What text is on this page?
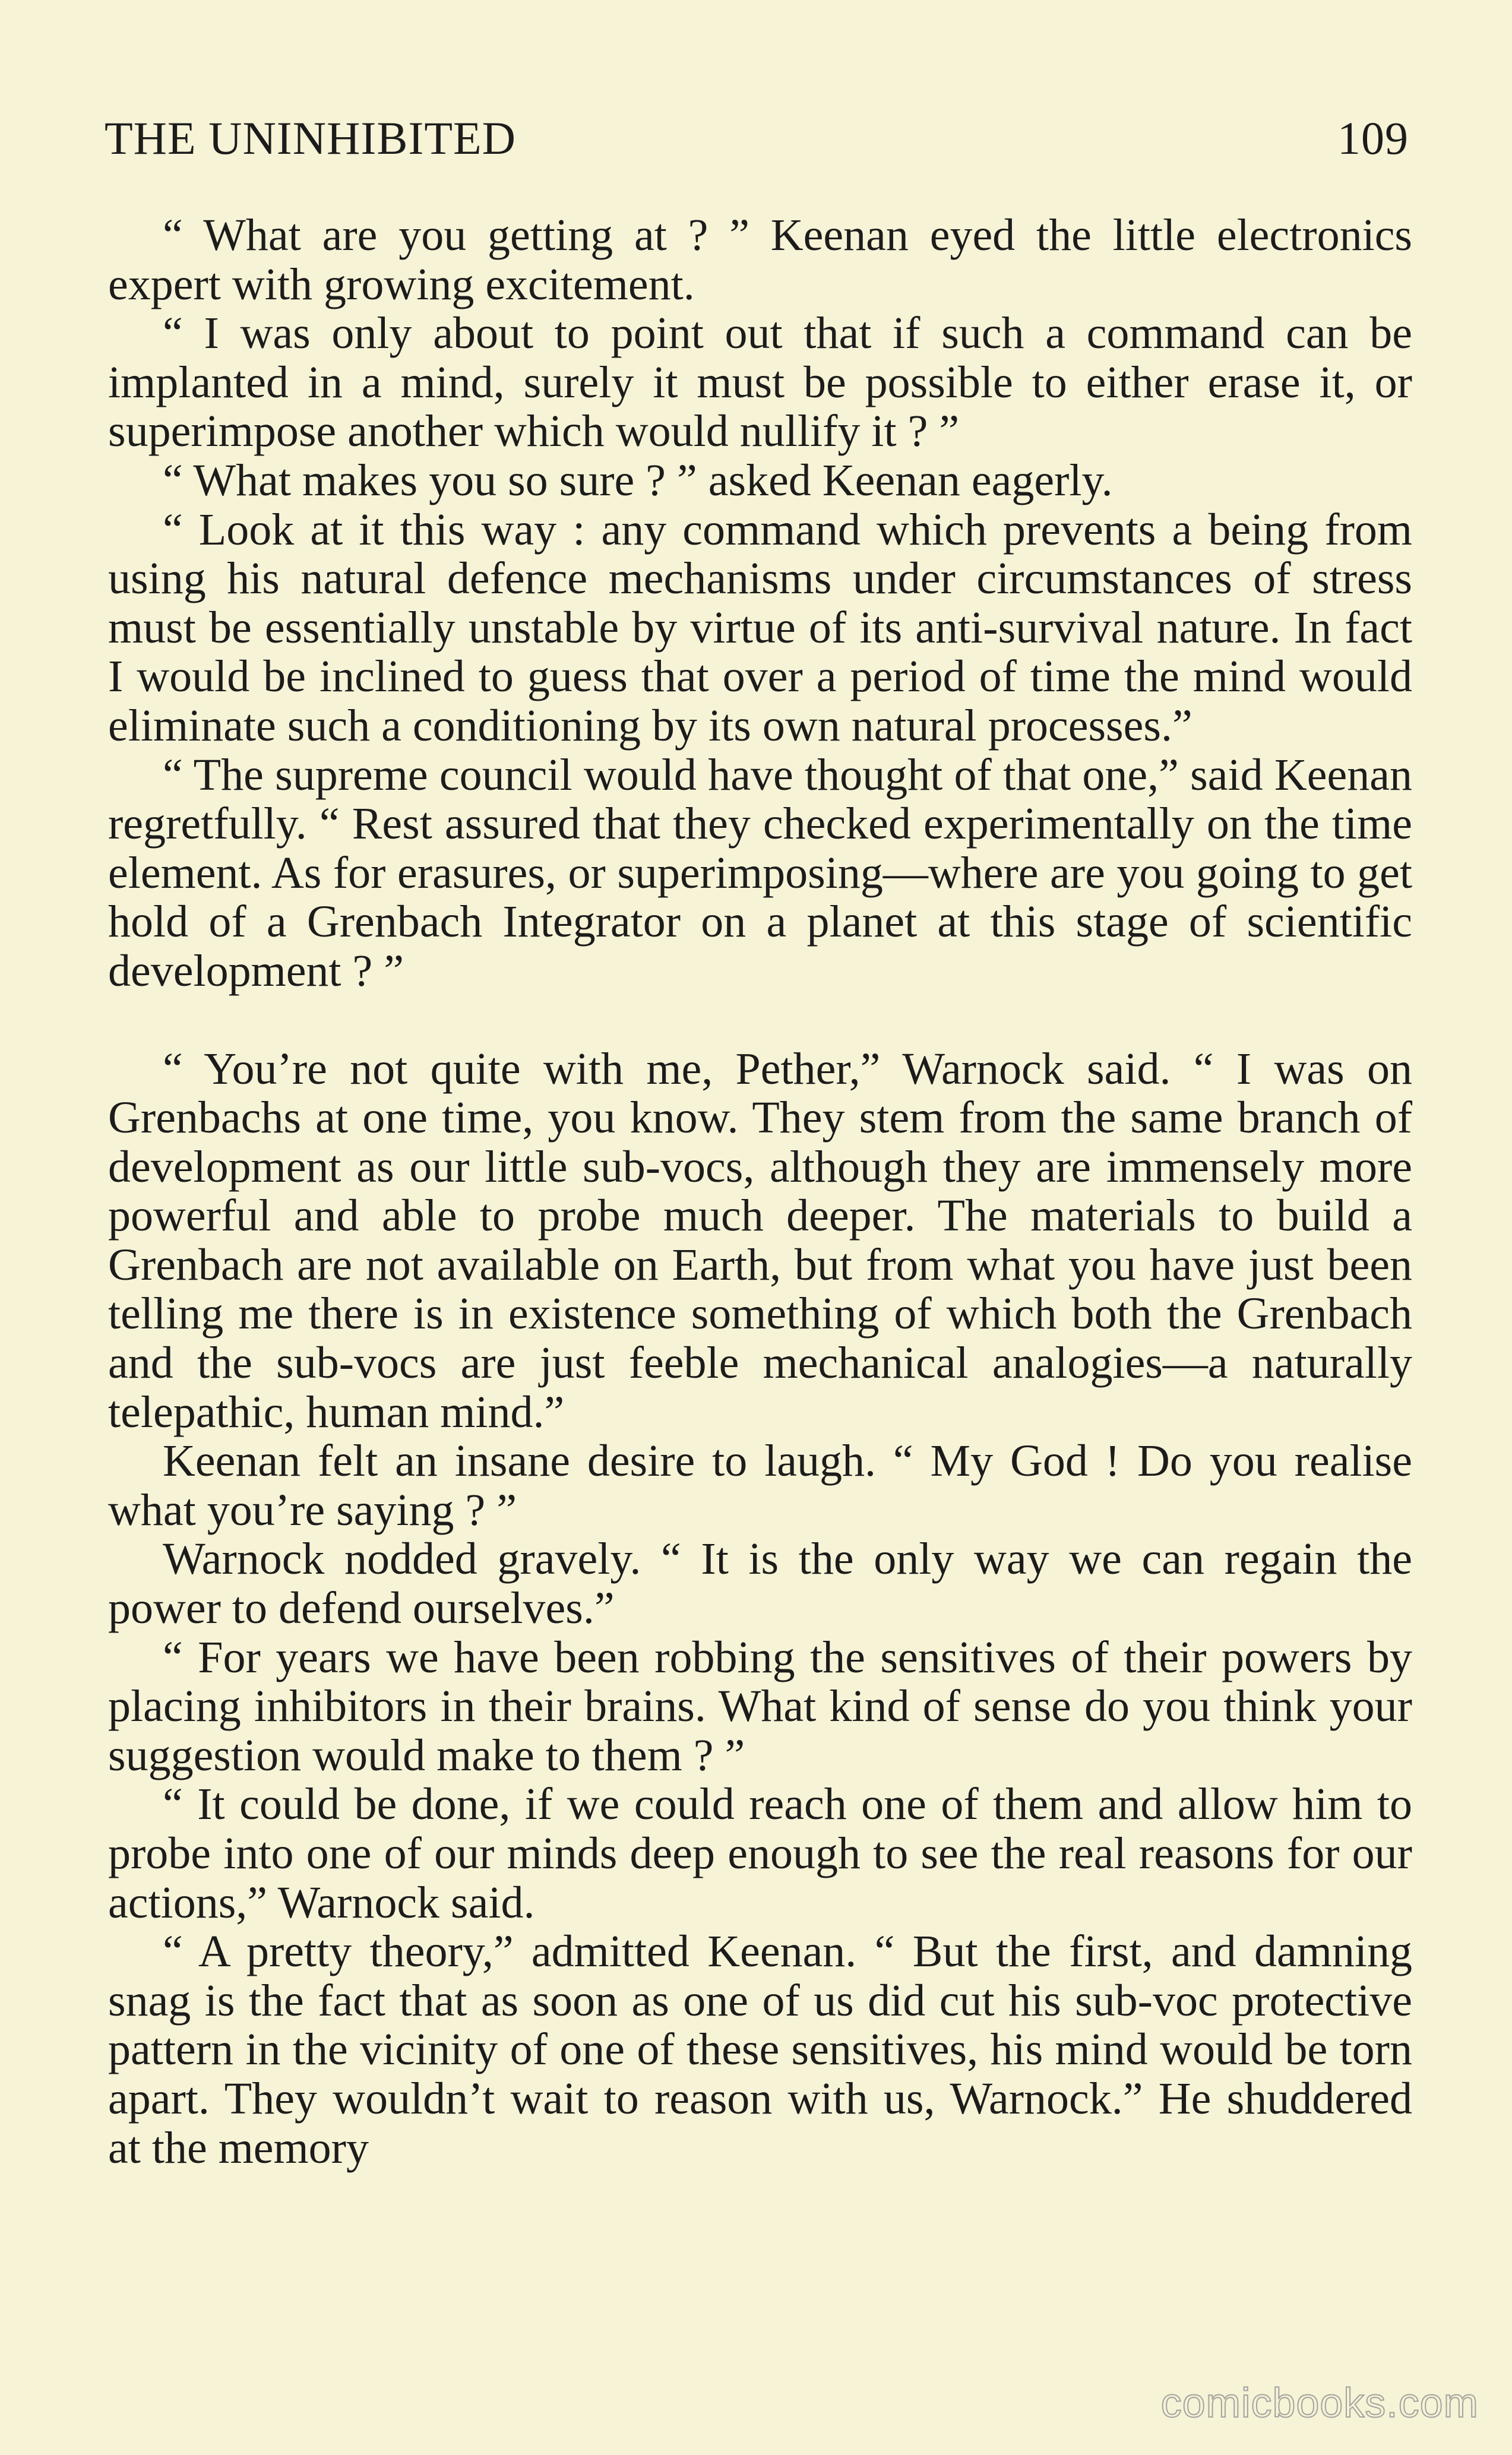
THE UNINHIBITED	109

“ What are you getting at ? ” Keenan eyed the little electronics expert with growing excitement.

“ I was only about to point out that if such a command can be implanted in a mind, surely it must be possible to either erase it, or superimpose another which would nullify it ? ”

“ What makes you so sure ? ” asked Keenan eagerly.

“ Look at it this way : any command which prevents a being from using his natural defence mechanisms under circumstances of stress must be essentially unstable by virtue of its anti-survival nature. In fact I would be inclined to guess that over a period of time the mind would eliminate such a conditioning by its own natural processes.”

“ The supreme council would have thought of that one,” said Keenan regretfully. “ Rest assured that they checked experimentally on the time element. As for erasures, or superimposing—where are you going to get hold of a Grenbach Integrator on a planet at this stage of scientific development ? ”

“ You’re not quite with me, Pether,” Warnock said. “ I was on Grenbachs at one time, you know. They stem from the same branch of development as our little sub-vocs, although they are immensely more powerful and able to probe much deeper. The materials to build a Grenbach are not available on Earth, but from what you have just been telling me there is in existence something of which both the Grenbach and the sub-vocs are just feeble mechanical analogies—a naturally telepathic, human mind.”

Keenan felt an insane desire to laugh. “ My God ! Do you realise what you’re saying ? ”

Warnock nodded gravely. “ It is the only way we can regain the power to defend ourselves.”

“ For years we have been robbing the sensitives of their powers by placing inhibitors in their brains. What kind of sense do you think your suggestion would make to them ? ”

“ It could be done, if we could reach one of them and allow him to probe into one of our minds deep enough to see the real reasons for our actions,” Warnock said.

“ A pretty theory,” admitted Keenan. “ But the first, and damning snag is the fact that as soon as one of us did cut his sub-voc protective pattern in the vicinity of one of these sensitives, his mind would be torn apart. They wouldn’t wait to reason with us, Warnock.” He shuddered at the memory

comicbooks.com
